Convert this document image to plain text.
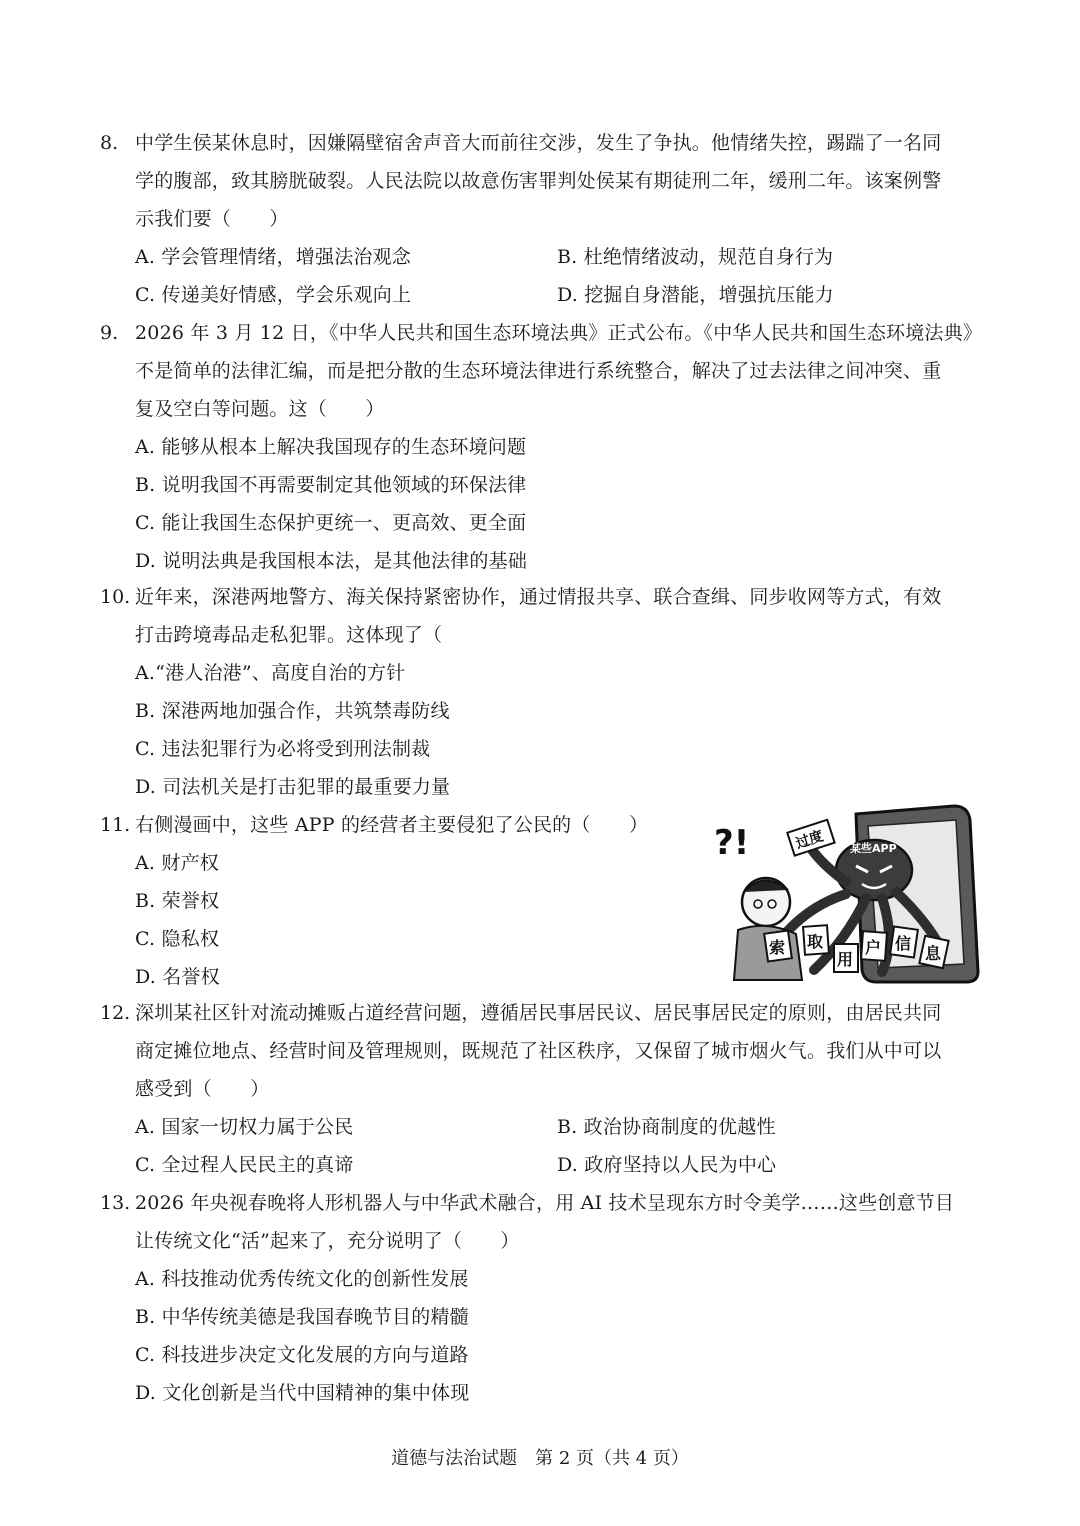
8. 中学生侯某休息时，因嫌隔壁宿舍声音大而前往交涉，发生了争执。他情绪失控，踢踹了一名同
学的腹部，致其膀胱破裂。人民法院以故意伤害罪判处侯某有期徒刑二年，缓刑二年。该案例警
示我们要（　　）
A. 学会管理情绪，增强法治观念	B. 杜绝情绪波动，规范自身行为
C. 传递美好情感，学会乐观向上	D. 挖掘自身潜能，增强抗压能力
9. 2026 年 3 月 12 日，《中华人民共和国生态环境法典》正式公布。《中华人民共和国生态环境法典》
不是简单的法律汇编，而是把分散的生态环境法律进行系统整合，解决了过去法律之间冲突、重
复及空白等问题。这（　　）
A. 能够从根本上解决我国现存的生态环境问题
B. 说明我国不再需要制定其他领域的环保法律
C. 能让我国生态保护更统一、更高效、更全面
D. 说明法典是我国根本法，是其他法律的基础
10. 近年来，深港两地警方、海关保持紧密协作，通过情报共享、联合查缉、同步收网等方式，有效
打击跨境毒品走私犯罪。这体现了（
A.“港人治港”、高度自治的方针
B. 深港两地加强合作，共筑禁毒防线
C. 违法犯罪行为必将受到刑法制裁
D. 司法机关是打击犯罪的最重要力量
11. 右侧漫画中，这些 APP 的经营者主要侵犯了公民的（　　）
A. 财产权
B. 荣誉权
C. 隐私权
D. 名誉权
某些APP
过度
?!
索 取
用
户 信
息
12. 深圳某社区针对流动摊贩占道经营问题，遵循居民事居民议、居民事居民定的原则，由居民共同
商定摊位地点、经营时间及管理规则，既规范了社区秩序，又保留了城市烟火气。我们从中可以
感受到（　　）
A. 国家一切权力属于公民	B. 政治协商制度的优越性
C. 全过程人民民主的真谛	D. 政府坚持以人民为中心
13. 2026 年央视春晚将人形机器人与中华武术融合，用 AI 技术呈现东方时令美学……这些创意节目
让传统文化“活”起来了，充分说明了（　　）
A. 科技推动优秀传统文化的创新性发展
B. 中华传统美德是我国春晚节目的精髓
C. 科技进步决定文化发展的方向与道路
D. 文化创新是当代中国精神的集中体现
道德与法治试题　第 2 页（共 4 页）
